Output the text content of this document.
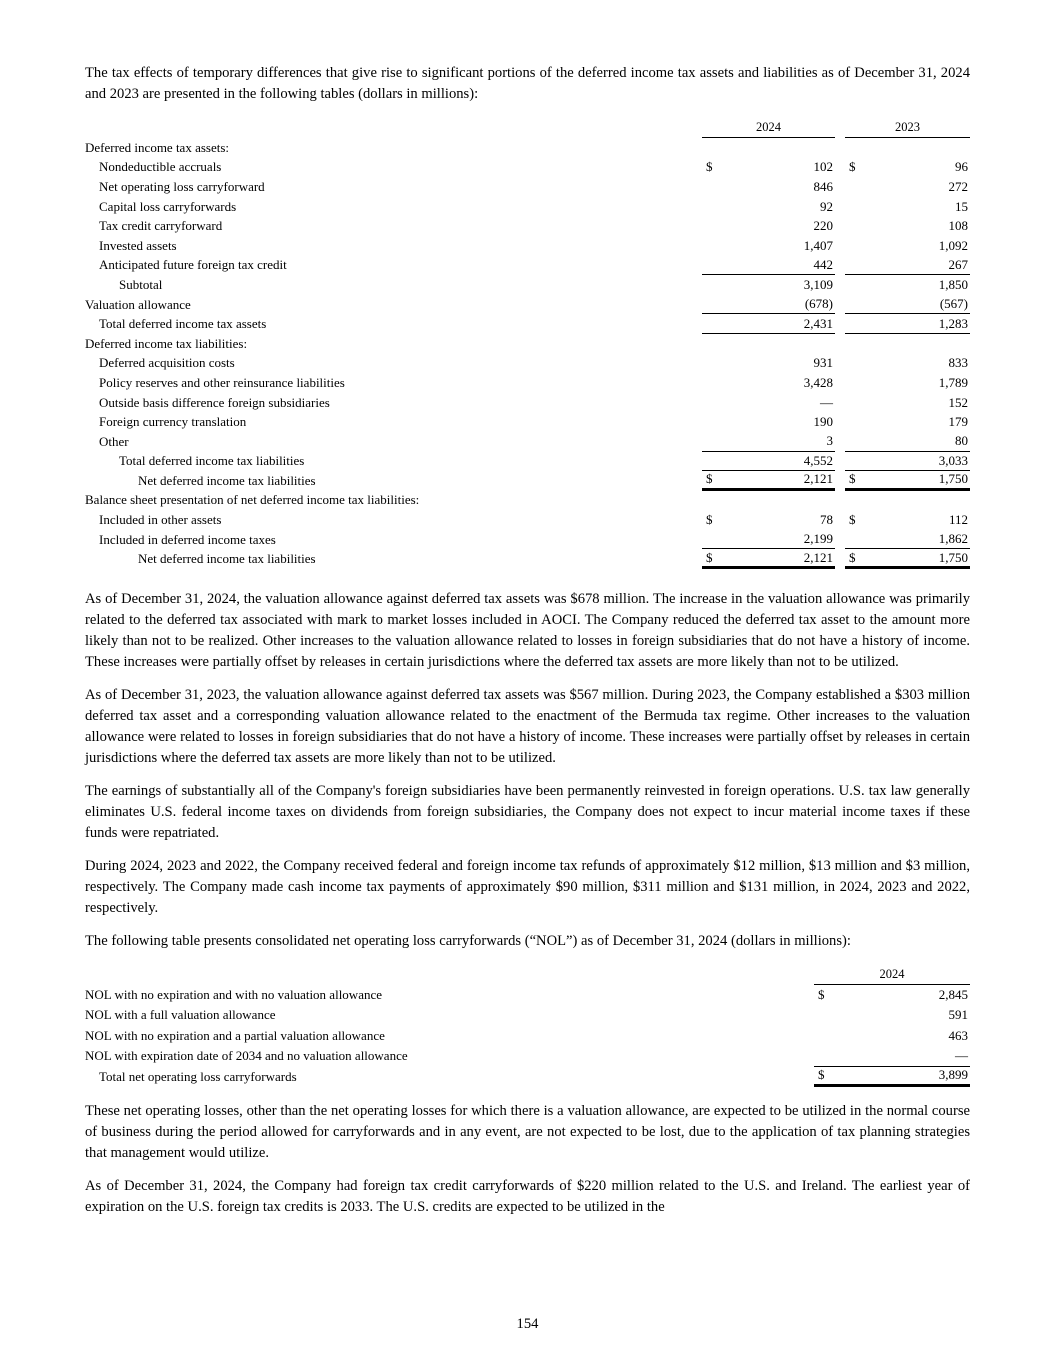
The tax effects of temporary differences that give rise to significant portions of the deferred income tax assets and liabilities as of December 31, 2024 and 2023 are presented in the following tables (dollars in millions):

2024	2023
Deferred income tax assets:
Nondeductible accruals	$	102	$	96
Net operating loss carryforward	846	272
Capital loss carryforwards	92	15
Tax credit carryforward	220	108
Invested assets	1,407	1,092
Anticipated future foreign tax credit	442	267
Subtotal	3,109	1,850
Valuation allowance	(678)	(567)
Total deferred income tax assets	2,431	1,283
Deferred income tax liabilities:
Deferred acquisition costs	931	833
Policy reserves and other reinsurance liabilities	3,428	1,789
Outside basis difference foreign subsidiaries	—	152
Foreign currency translation	190	179
Other	3	80
Total deferred income tax liabilities	4,552	3,033
Net deferred income tax liabilities	$	2,121	$	1,750
Balance sheet presentation of net deferred income tax liabilities:
Included in other assets	$	78	$	112
Included in deferred income taxes	2,199	1,862
Net deferred income tax liabilities	$	2,121	$	1,750

As of December 31, 2024, the valuation allowance against deferred tax assets was $678 million. The increase in the valuation allowance was primarily related to the deferred tax associated with mark to market losses included in AOCI. The Company reduced the deferred tax asset to the amount more likely than not to be realized. Other increases to the valuation allowance related to losses in foreign subsidiaries that do not have a history of income. These increases were partially offset by releases in certain jurisdictions where the deferred tax assets are more likely than not to be utilized.

As of December 31, 2023, the valuation allowance against deferred tax assets was $567 million. During 2023, the Company established a $303 million deferred tax asset and a corresponding valuation allowance related to the enactment of the Bermuda tax regime. Other increases to the valuation allowance were related to losses in foreign subsidiaries that do not have a history of income. These increases were partially offset by releases in certain jurisdictions where the deferred tax assets are more likely than not to be utilized.

The earnings of substantially all of the Company's foreign subsidiaries have been permanently reinvested in foreign operations. U.S. tax law generally eliminates U.S. federal income taxes on dividends from foreign subsidiaries, the Company does not expect to incur material income taxes if these funds were repatriated.

During 2024, 2023 and 2022, the Company received federal and foreign income tax refunds of approximately $12 million, $13 million and $3 million, respectively. The Company made cash income tax payments of approximately $90 million, $311 million and $131 million, in 2024, 2023 and 2022, respectively.

The following table presents consolidated net operating loss carryforwards (“NOL”) as of December 31, 2024 (dollars in millions):

2024
NOL with no expiration and with no valuation allowance	$	2,845
NOL with a full valuation allowance	591
NOL with no expiration and a partial valuation allowance	463
NOL with expiration date of 2034 and no valuation allowance	—
Total net operating loss carryforwards	$	3,899

These net operating losses, other than the net operating losses for which there is a valuation allowance, are expected to be utilized in the normal course of business during the period allowed for carryforwards and in any event, are not expected to be lost, due to the application of tax planning strategies that management would utilize.

As of December 31, 2024, the Company had foreign tax credit carryforwards of $220 million related to the U.S. and Ireland. The earliest year of expiration on the U.S. foreign tax credits is 2033. The U.S. credits are expected to be utilized in the

154
